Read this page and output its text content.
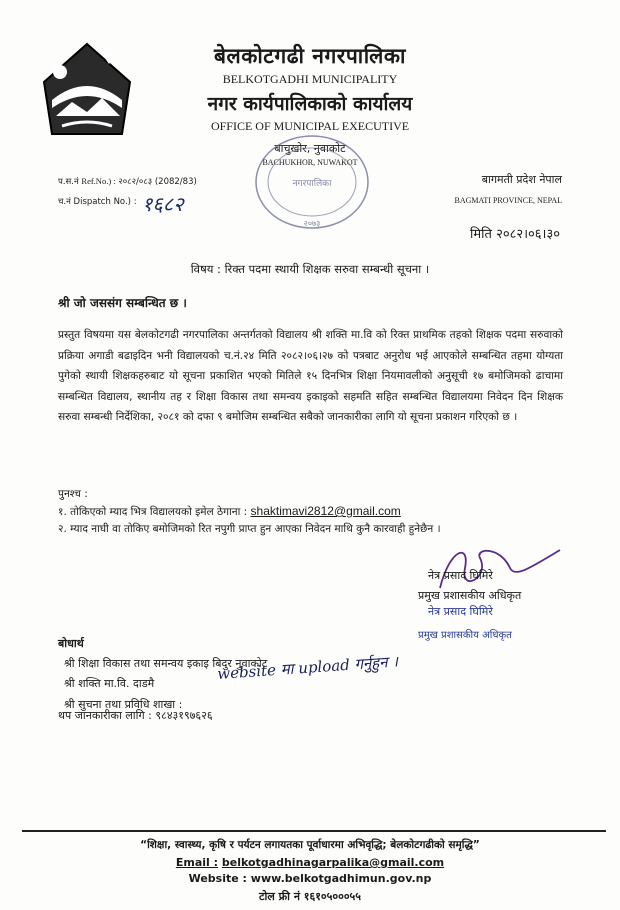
बेलकोटगढी नगरपालिका
BELKOTGADHI MUNICIPALITY
नगर कार्यपालिकाको कार्यालय
OFFICE OF MUNICIPAL EXECUTIVE
बाचुखोर, नुवाकोट
BACHUKHOR, NUWAKOT
नगरपालिका
२०७३
प.स.नं Ref.No.) : २०८२/०८३ (2082/83)
च.नं Dispatch No.) : १६८२
बागमती प्रदेश नेपाल
BAGMATI PROVINCE, NEPAL
मिति २०८२।०६।३०
विषय : रिक्त पदमा स्थायी शिक्षक सरुवा सम्बन्धी सूचना ।
श्री जो जससंग सम्बन्धित छ ।
प्रस्तुत विषयमा यस बेलकोटगढी नगरपालिका अन्तर्गतको विद्यालय श्री शक्ति मा.वि को रिक्त प्राथमिक तहको शिक्षक पदमा सरुवाको प्रक्रिया अगाडी बढाइदिन भनी विद्यालयको च.नं.२४ मिति २०८२।०६।२७ को पत्रबाट अनुरोध भई आएकोले सम्बन्धित तहमा योग्यता पुगेको स्थायी शिक्षकहरुबाट यो सूचना प्रकाशित भएको मितिले १५ दिनभित्र शिक्षा नियमावलीको अनुसूची १७ बमोजिमको ढाचामा सम्बन्धित विद्यालय, स्थानीय तह र शिक्षा विकास तथा समन्वय इकाइको सहमति सहित सम्बन्धित विद्यालयमा निवेदन दिन शिक्षक सरुवा सम्बन्धी निर्देशिका, २०८१ को दफा ९ बमोजिम सम्बन्धित सबैको जानकारीका लागि यो सूचना प्रकाशन गरिएको छ ।
पुनश्च :
१. तोकिएको म्याद भित्र विद्यालयको इमेल ठेगाना : shaktimavi2812@gmail.com
२. म्याद नाघी वा तोकिए बमोजिमको रित नपुगी प्राप्त हुन आएका निवेदन माथि कुनै कारवाही हुनेछैन ।
नेत्र प्रसाद घिमिरे
प्रमुख प्रशासकीय अधिकृत
नेत्र प्रसाद घिमिरे
प्रमुख प्रशासकीय अधिकृत
बोधार्थ
श्री शिक्षा विकास तथा समन्वय इकाइ बिदुर नुवाकोट
श्री शक्ति मा.वि. दाडमै
श्री सुचना तथा प्रविधि शाखा :
website मा upload गर्नुहुन ।
थप जानकारीका लागि : ९८४३१९७६२६
“शिक्षा, स्वास्थ्य, कृषि र पर्यटन लगायतका पूर्वाधारमा अभिवृद्धि; बेलकोटगढीको समृद्धि”
Email : belkotgadhinagarpalika@gmail.com
Website : www.belkotgadhimun.gov.np
टोल फ्री नं १६१०५०००५५
